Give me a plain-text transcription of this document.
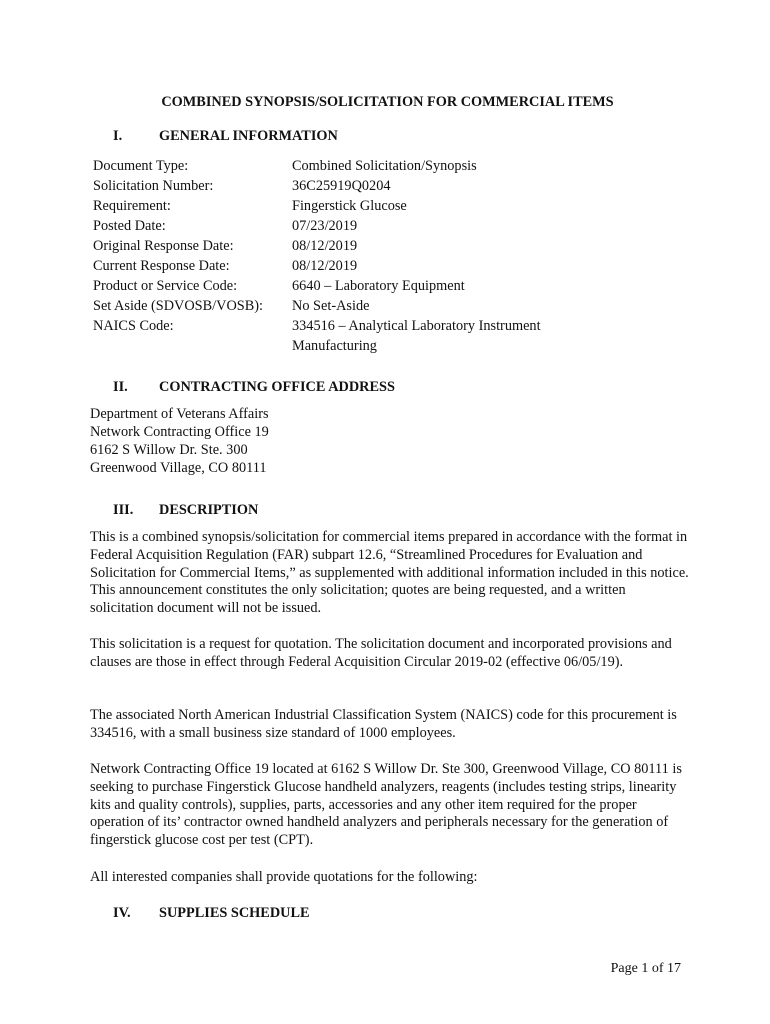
COMBINED SYNOPSIS/SOLICITATION FOR COMMERCIAL ITEMS
I.	GENERAL INFORMATION
Document Type:	Combined Solicitation/Synopsis
Solicitation Number:	36C25919Q0204
Requirement:	Fingerstick Glucose
Posted Date:	07/23/2019
Original Response Date:	08/12/2019
Current Response Date:	08/12/2019
Product or Service Code:	6640 – Laboratory Equipment
Set Aside (SDVOSB/VOSB):	No Set-Aside
NAICS Code:	334516 – Analytical Laboratory Instrument Manufacturing
II. CONTRACTING OFFICE ADDRESS
Department of Veterans Affairs
Network Contracting Office 19
6162 S Willow Dr. Ste. 300
Greenwood Village, CO 80111
III. DESCRIPTION

This is a combined synopsis/solicitation for commercial items prepared in accordance with the format in Federal Acquisition Regulation (FAR) subpart 12.6, “Streamlined Procedures for Evaluation and Solicitation for Commercial Items,” as supplemented with additional information included in this notice. This announcement constitutes the only solicitation; quotes are being requested, and a written solicitation document will not be issued.

This solicitation is a request for quotation. The solicitation document and incorporated provisions and clauses are those in effect through Federal Acquisition Circular 2019-02 (effective 06/05/19).

The associated North American Industrial Classification System (NAICS) code for this procurement is 334516, with a small business size standard of 1000 employees.

Network Contracting Office 19 located at 6162 S Willow Dr. Ste 300, Greenwood Village, CO 80111 is seeking to purchase Fingerstick Glucose handheld analyzers, reagents (includes testing strips, linearity kits and quality controls), supplies, parts, accessories and any other item required for the proper operation of its’ contractor owned handheld analyzers and peripherals necessary for the generation of fingerstick glucose cost per test (CPT).

All interested companies shall provide quotations for the following:

IV. SUPPLIES SCHEDULE
Page 1 of 17
